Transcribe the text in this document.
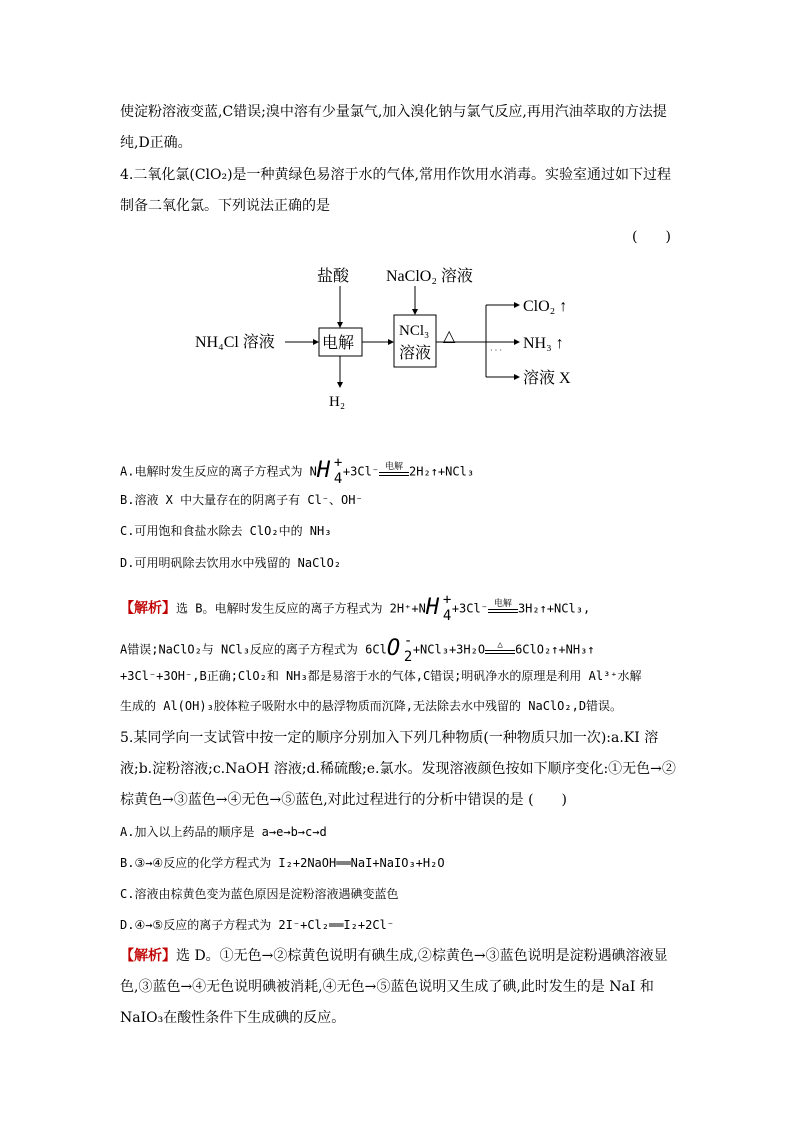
使淀粉溶液变蓝,C错误;溴中溶有少量氯气,加入溴化钠与氯气反应,再用汽油萃取的方法提
纯,D正确。
4.二氧化氯(ClO₂)是一种黄绿色易溶于水的气体,常用作饮用水消毒。实验室通过如下过程
制备二氧化氯。下列说法正确的是
(　　)
盐酸 NaClO₂ 溶液
NH₄Cl 溶液	电解
H₂
NCl₃
溶液
△
· · ·
ClO₂ ↑
NH₃ ↑
溶液 X
A.电解时发生反应的离子方程式为 N H +
4 +3Cl⁻ 电解 2H₂↑+NCl₃
B.溶液 X 中大量存在的阴离子有 Cl⁻、OH⁻
C.可用饱和食盐水除去 ClO₂中的 NH₃
D.可用明矾除去饮用水中残留的 NaClO₂
【解析】选 B。电解时发生反应的离子方程式为 2H⁺+N H +
4 +3Cl⁻ 电解 3H₂↑+NCl₃,
A错误;NaClO₂与 NCl₃反应的离子方程式为 6Cl O -
2 +NCl₃+3H₂O	△	6ClO₂↑+NH₃↑
+3Cl⁻+3OH⁻,B正确;ClO₂和 NH₃都是易溶于水的气体,C错误;明矾净水的原理是利用 Al³⁺水解
生成的 Al(OH)₃胶体粒子吸附水中的悬浮物质而沉降,无法除去水中残留的 NaClO₂,D错误。
5.某同学向一支试管中按一定的顺序分别加入下列几种物质(一种物质只加一次):a.KI 溶
液;b.淀粉溶液;c.NaOH 溶液;d.稀硫酸;e.氯水。发现溶液颜色按如下顺序变化:①无色→②
棕黄色→③蓝色→④无色→⑤蓝色,对此过程进行的分析中错误的是 (　　)
A.加入以上药品的顺序是 a→e→b→c→d
B.③→④反应的化学方程式为 I₂+2NaOH══NaI+NaIO₃+H₂O
C.溶液由棕黄色变为蓝色原因是淀粉溶液遇碘变蓝色
D.④→⑤反应的离子方程式为 2I⁻+Cl₂══I₂+2Cl⁻
【解析】选 D。①无色→②棕黄色说明有碘生成,②棕黄色→③蓝色说明是淀粉遇碘溶液显
色,③蓝色→④无色说明碘被消耗,④无色→⑤蓝色说明又生成了碘,此时发生的是 NaI 和
NaIO₃在酸性条件下生成碘的反应。
